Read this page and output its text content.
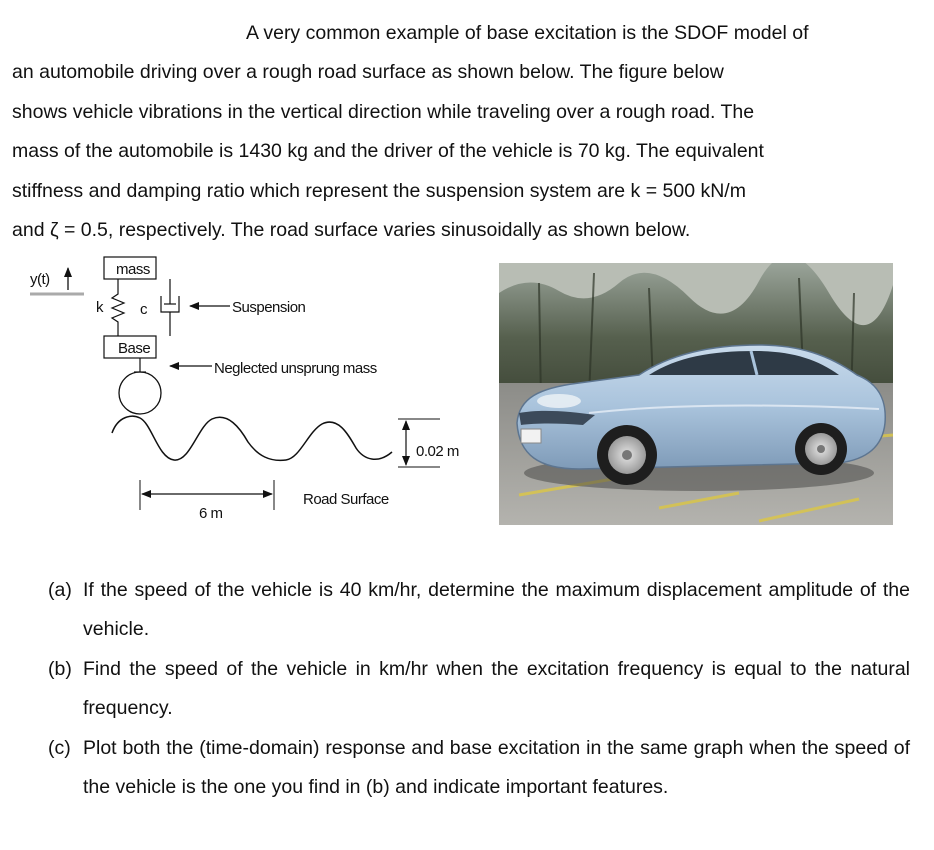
A very common example of base excitation is the SDOF model of
an automobile driving over a rough road surface as shown below. The figure below
shows vehicle vibrations in the vertical direction while traveling over a rough road. The
mass of the automobile is 1430 kg and the driver of the vehicle is 70 kg. The equivalent
stiffness and damping ratio which represent the suspension system are k = 500 kN/m
and ζ = 0.5, respectively. The road surface varies sinusoidally as shown below.
y(t)
mass
k c	Suspension
Base
Neglected unsprung mass
0.02 m
6 m
Road Surface
(a) If the speed of the vehicle is 40 km/hr, determine the maximum displacement amplitude of the vehicle.
(b) Find the speed of the vehicle in km/hr when the excitation frequency is equal to the natural frequency.
(c) Plot both the (time-domain) response and base excitation in the same graph when the speed of the vehicle is the one you find in (b) and indicate important features.
